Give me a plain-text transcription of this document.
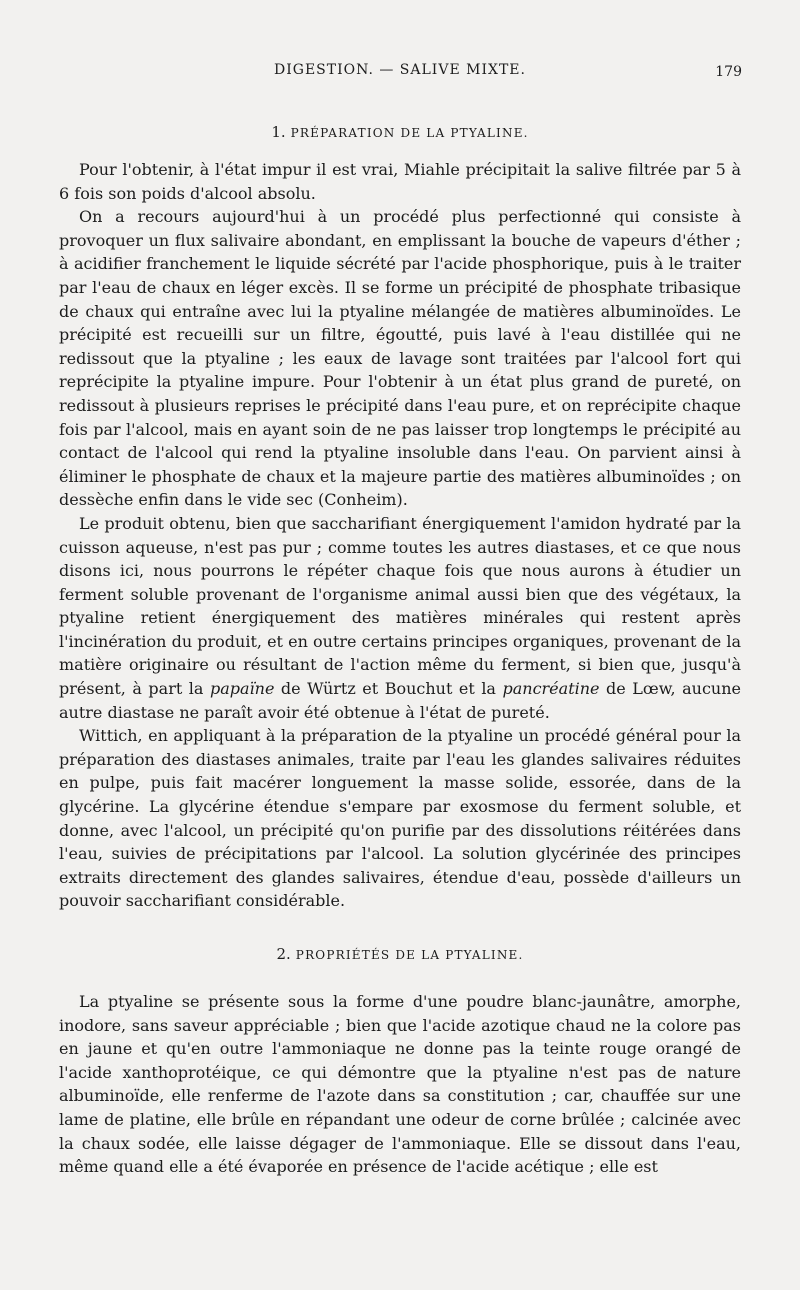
DIGESTION. — SALIVE MIXTE.	179
1. PRÉPARATION DE LA PTYALINE.

Pour l'obtenir, à l'état impur il est vrai, Miahle précipitait la salive filtrée par 5 à 6 fois son poids d'alcool absolu.

On a recours aujourd'hui à un procédé plus perfectionné qui consiste à provoquer un flux salivaire abondant, en emplissant la bouche de vapeurs d'éther ; à acidifier franchement le liquide sécrété par l'acide phosphorique, puis à le traiter par l'eau de chaux en léger excès. Il se forme un précipité de phosphate tribasique de chaux qui entraîne avec lui la ptyaline mélangée de matières albuminoïdes. Le précipité est recueilli sur un filtre, égoutté, puis lavé à l'eau distillée qui ne redissout que la ptyaline ; les eaux de lavage sont traitées par l'alcool fort qui reprécipite la ptyaline impure. Pour l'obtenir à un état plus grand de pureté, on redissout à plusieurs reprises le précipité dans l'eau pure, et on reprécipite chaque fois par l'alcool, mais en ayant soin de ne pas laisser trop longtemps le précipité au contact de l'alcool qui rend la ptyaline insoluble dans l'eau. On parvient ainsi à éliminer le phosphate de chaux et la majeure partie des matières albuminoïdes ; on dessèche enfin dans le vide sec (Conheim).

Le produit obtenu, bien que saccharifiant énergiquement l'amidon hydraté par la cuisson aqueuse, n'est pas pur ; comme toutes les autres diastases, et ce que nous disons ici, nous pourrons le répéter chaque fois que nous aurons à étudier un ferment soluble provenant de l'organisme animal aussi bien que des végétaux, la ptyaline retient énergiquement des matières minérales qui restent après l'incinération du produit, et en outre certains principes organiques, provenant de la matière originaire ou résultant de l'action même du ferment, si bien que, jusqu'à présent, à part la papaïne de Würtz et Bouchut et la pancréatine de Lœw, aucune autre diastase ne paraît avoir été obtenue à l'état de pureté.

Wittich, en appliquant à la préparation de la ptyaline un procédé général pour la préparation des diastases animales, traite par l'eau les glandes salivaires réduites en pulpe, puis fait macérer longuement la masse solide, essorée, dans de la glycérine. La glycérine étendue s'empare par exosmose du ferment soluble, et donne, avec l'alcool, un précipité qu'on purifie par des dissolutions réitérées dans l'eau, suivies de précipitations par l'alcool. La solution glycérinée des principes extraits directement des glandes salivaires, étendue d'eau, possède d'ailleurs un pouvoir saccharifiant considérable.

2. PROPRIÉTÉS DE LA PTYALINE.

La ptyaline se présente sous la forme d'une poudre blanc-jaunâtre, amorphe, inodore, sans saveur appréciable ; bien que l'acide azotique chaud ne la colore pas en jaune et qu'en outre l'ammoniaque ne donne pas la teinte rouge orangé de l'acide xanthoprotéique, ce qui démontre que la ptyaline n'est pas de nature albuminoïde, elle renferme de l'azote dans sa constitution ; car, chauffée sur une lame de platine, elle brûle en répandant une odeur de corne brûlée ; calcinée avec la chaux sodée, elle laisse dégager de l'ammoniaque. Elle se dissout dans l'eau, même quand elle a été évaporée en présence de l'acide acétique ; elle est
